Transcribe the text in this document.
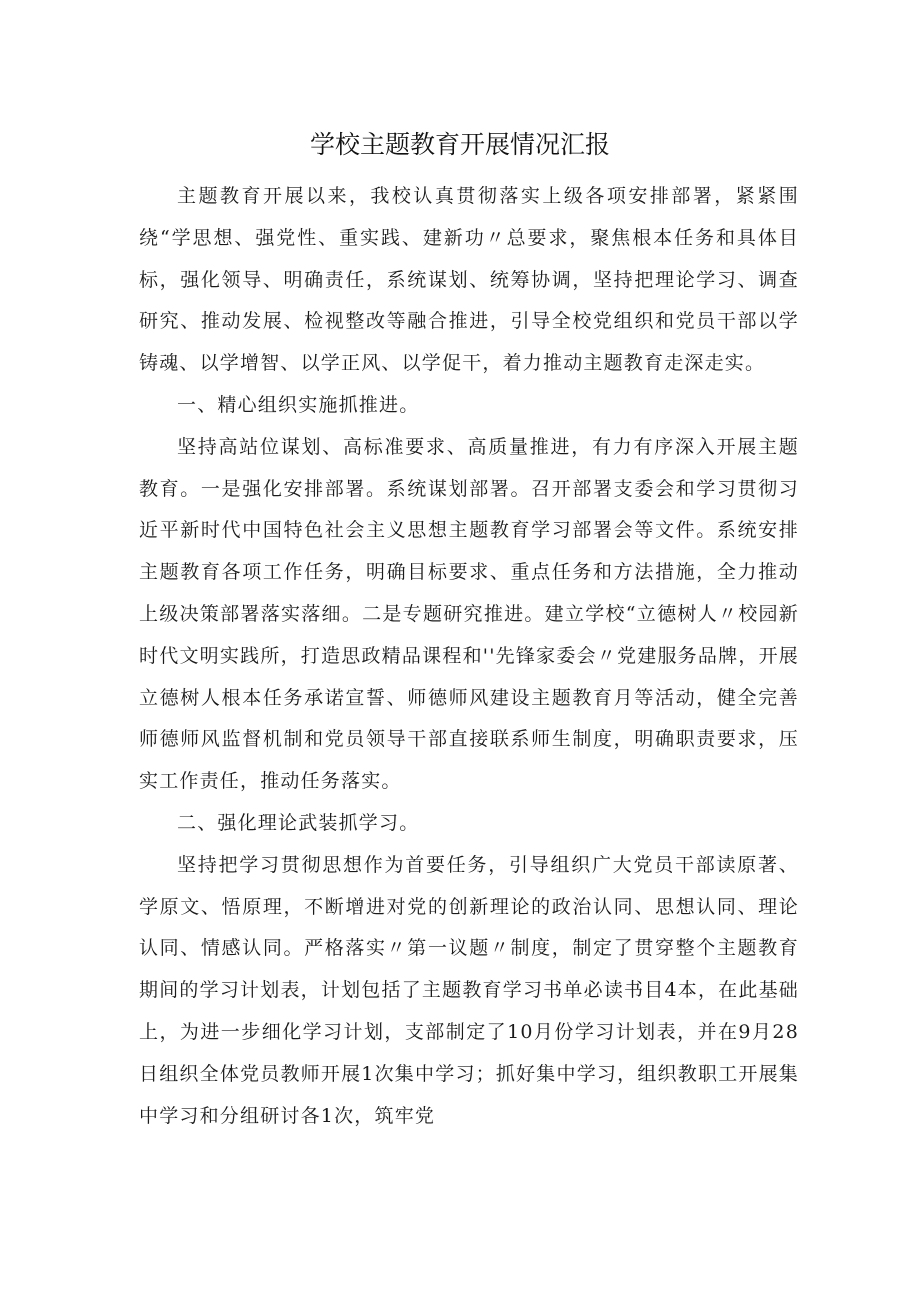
学校主题教育开展情况汇报

主题教育开展以来，我校认真贯彻落实上级各项安排部署，紧紧围绕“学思想、强党性、重实践、建新功〃总要求，聚焦根本任务和具体目标，强化领导、明确责任，系统谋划、统筹协调，坚持把理论学习、调查研究、推动发展、检视整改等融合推进，引导全校党组织和党员干部以学铸魂、以学增智、以学正风、以学促干，着力推动主题教育走深走实。

一、精心组织实施抓推进。

坚持高站位谋划、高标准要求、高质量推进，有力有序深入开展主题教育。一是强化安排部署。系统谋划部署。召开部署支委会和学习贯彻习近平新时代中国特色社会主义思想主题教育学习部署会等文件。系统安排主题教育各项工作任务，明确目标要求、重点任务和方法措施，全力推动上级决策部署落实落细。二是专题研究推进。建立学校“立德树人〃校园新时代文明实践所，打造思政精品课程和''先锋家委会〃党建服务品牌，开展立德树人根本任务承诺宣誓、师德师风建设主题教育月等活动，健全完善师德师风监督机制和党员领导干部直接联系师生制度，明确职责要求，压实工作责任，推动任务落实。

二、强化理论武装抓学习。

坚持把学习贯彻思想作为首要任务，引导组织广大党员干部读原著、学原文、悟原理，不断增进对党的创新理论的政治认同、思想认同、理论认同、情感认同。严格落实〃第一议题〃制度，制定了贯穿整个主题教育期间的学习计划表，计划包括了主题教育学习书单必读书目4本，在此基础上，为进一步细化学习计划，支部制定了10月份学习计划表，并在9月28日组织全体党员教师开展1次集中学习；抓好集中学习，组织教职工开展集中学习和分组研讨各1次，筑牢党
